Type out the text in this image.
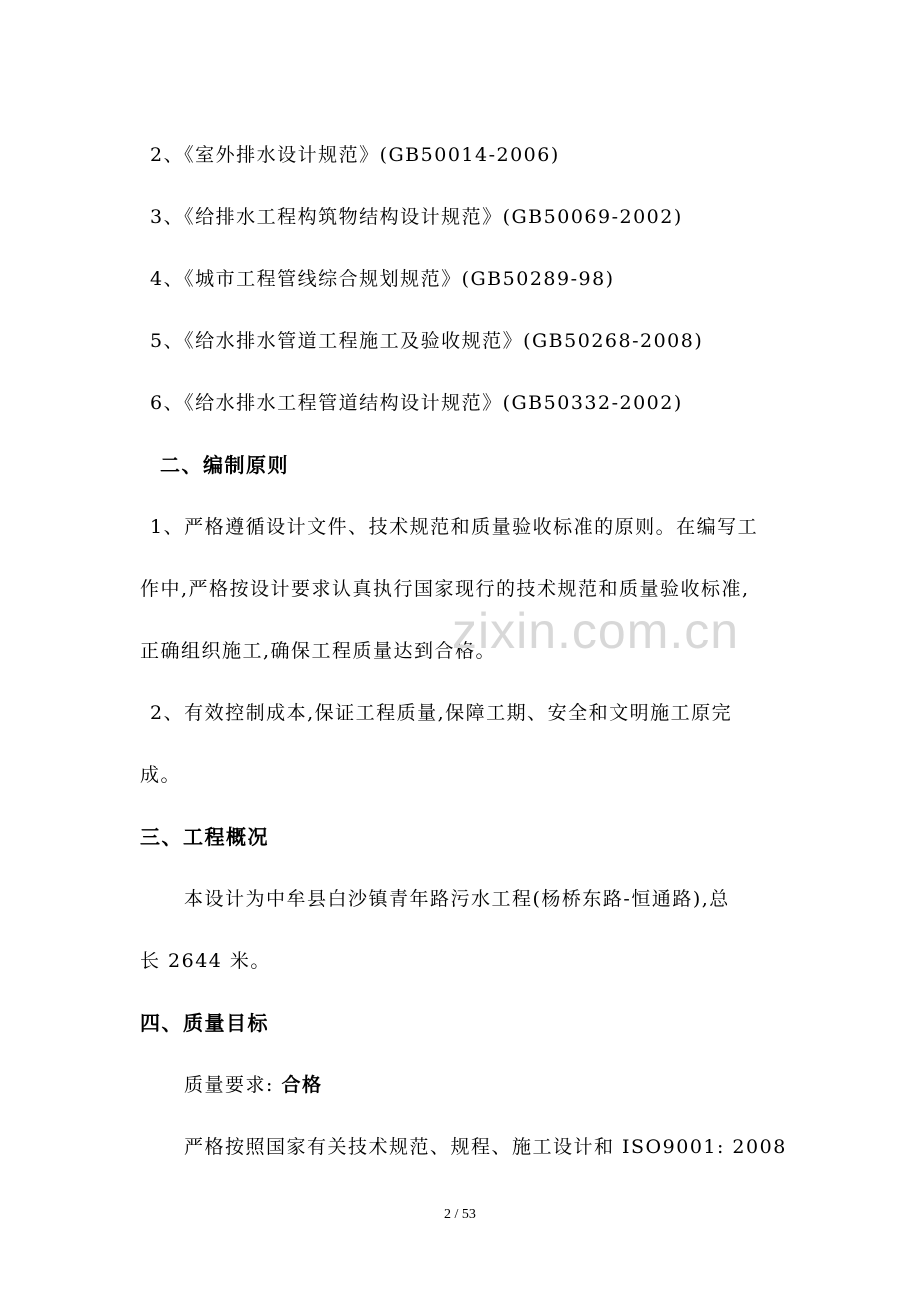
2、《室外排水设计规范》(GB50014-2006)
3、《给排水工程构筑物结构设计规范》(GB50069-2002)
4、《城市工程管线综合规划规范》(GB50289-98)
5、《给水排水管道工程施工及验收规范》(GB50268-2008)
6、《给水排水工程管道结构设计规范》(GB50332-2002)
二、编制原则
1、严格遵循设计文件、技术规范和质量验收标准的原则。在编写工
作中,严格按设计要求认真执行国家现行的技术规范和质量验收标准,
正确组织施工,确保工程质量达到合格。
2、有效控制成本,保证工程质量,保障工期、安全和文明施工原完
成。
三、工程概况
本设计为中牟县白沙镇青年路污水工程(杨桥东路-恒通路),总
长 2644 米。
四、质量目标
质量要求: 合格
严格按照国家有关技术规范、规程、施工设计和 ISO9001: 2008
zixin.com.cn
2 / 53
